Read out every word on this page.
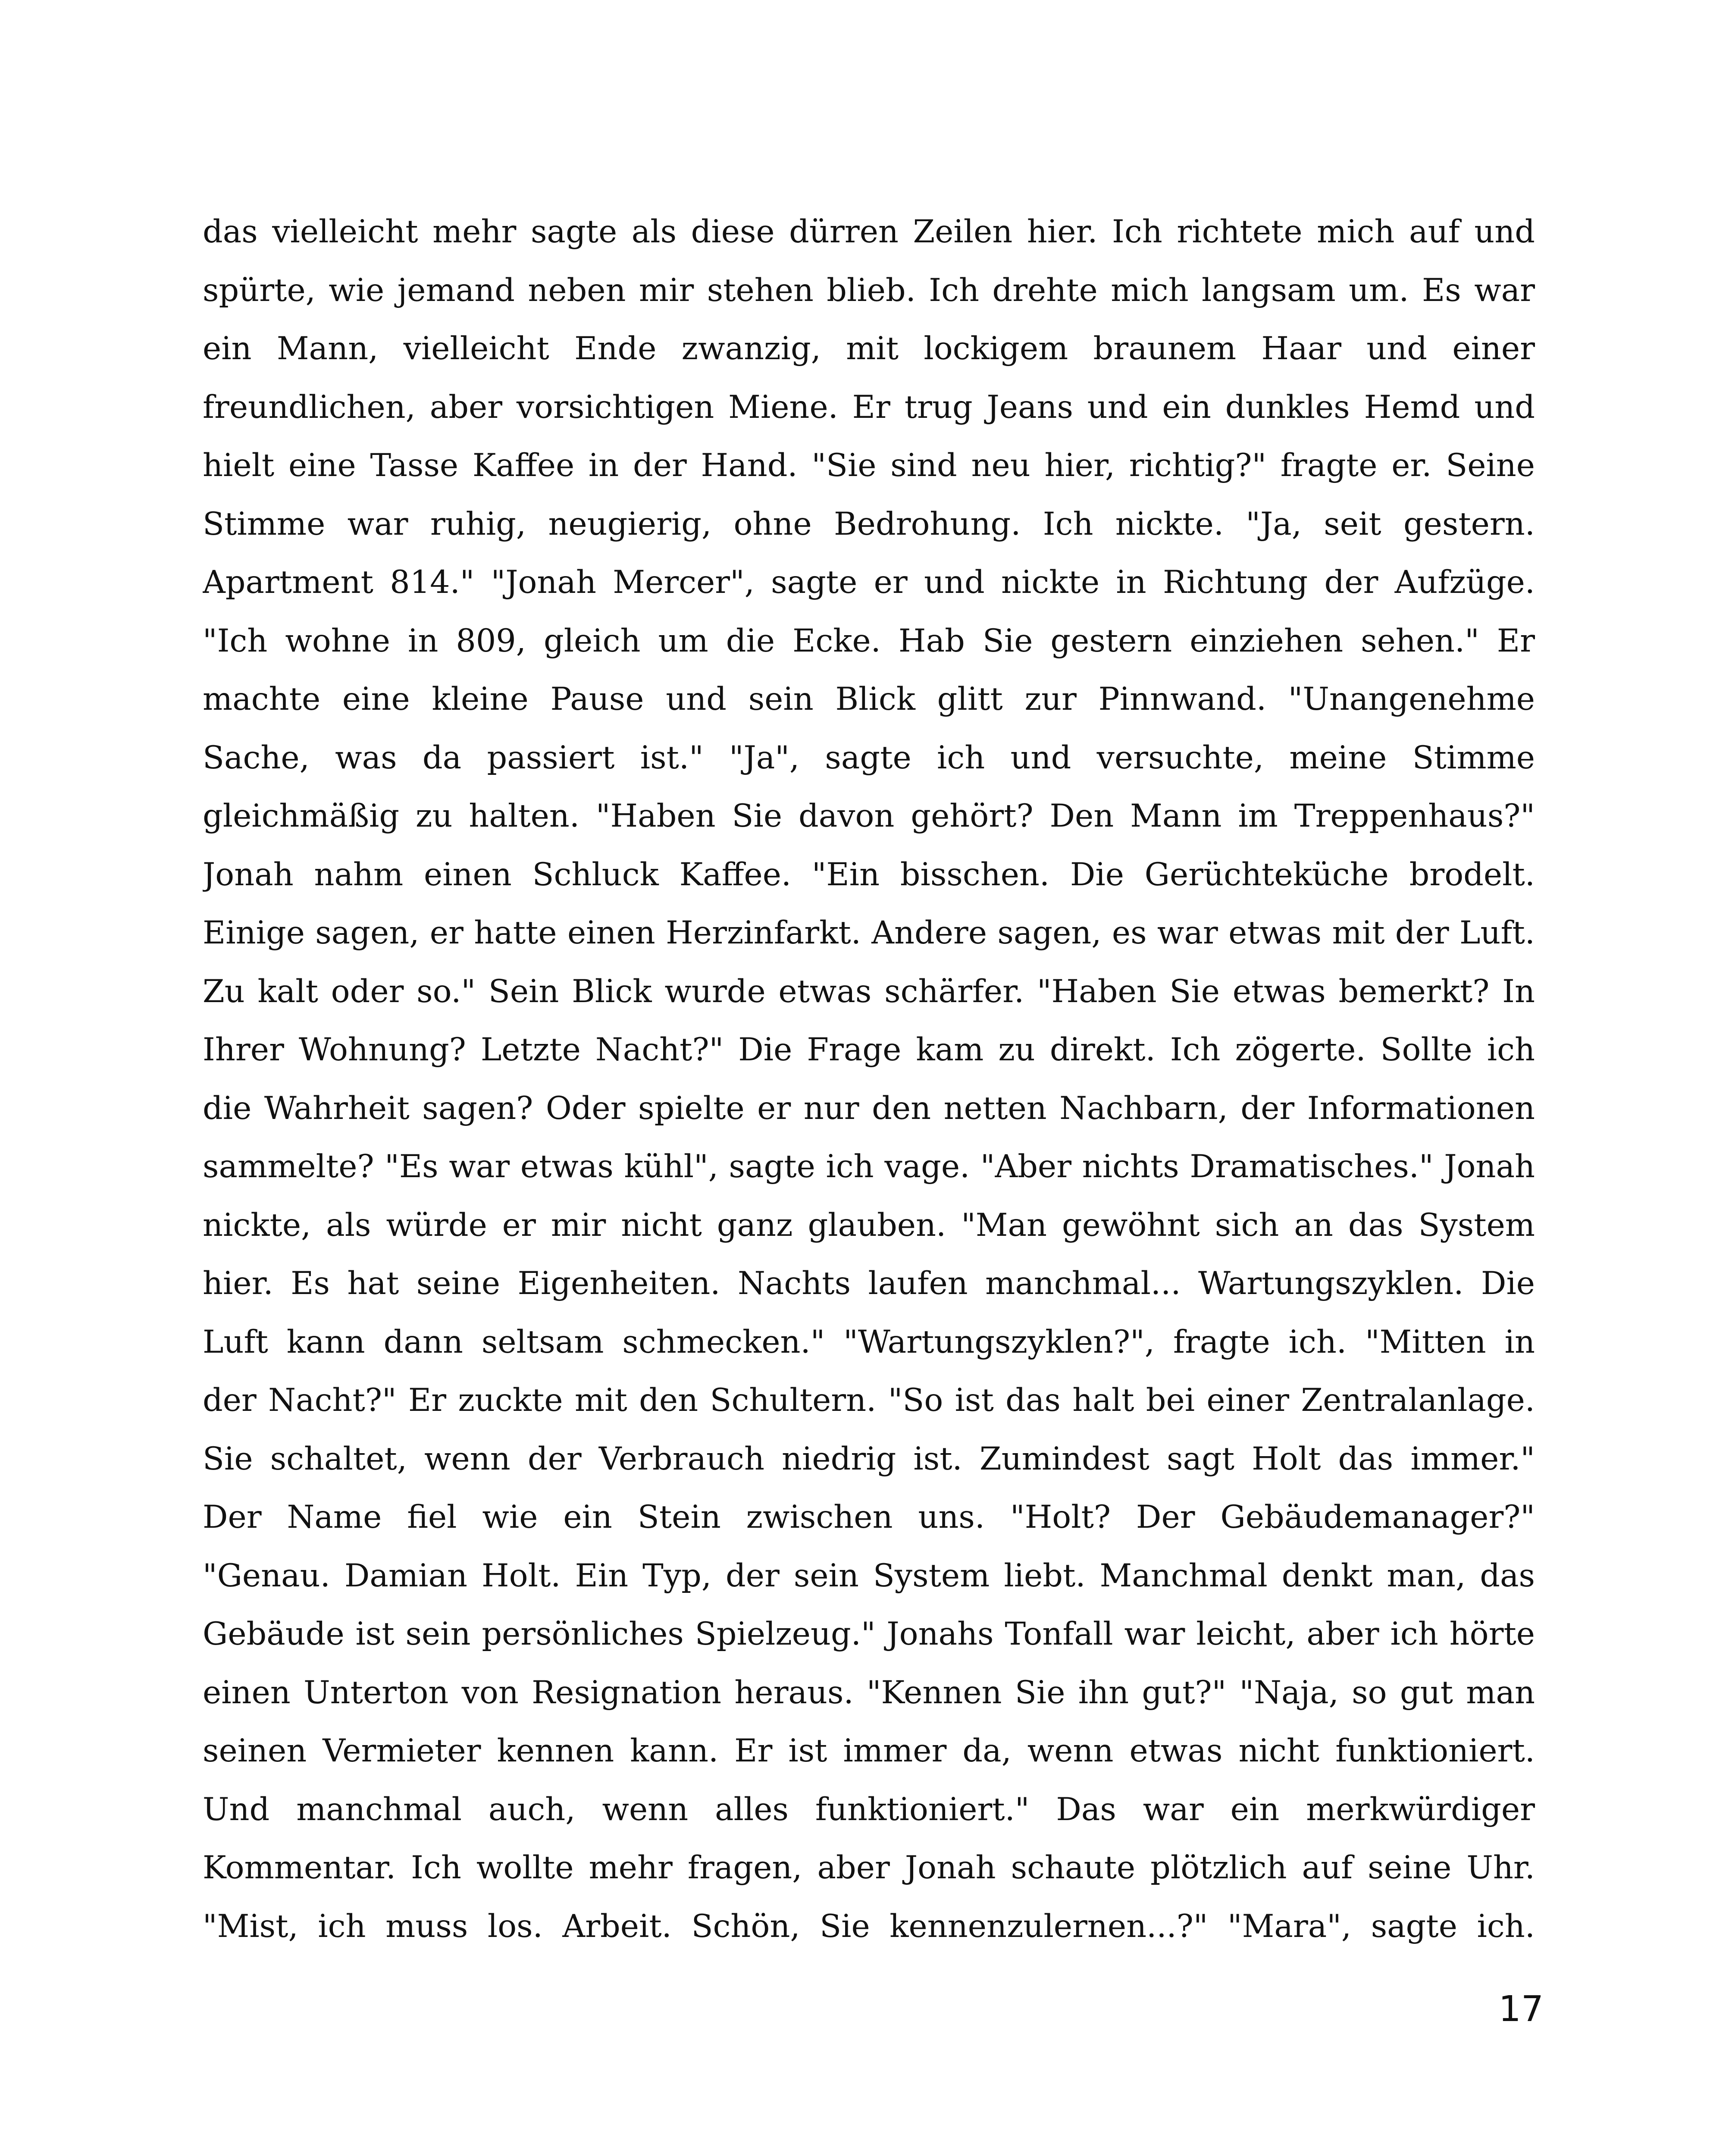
das vielleicht mehr sagte als diese dürren Zeilen hier. Ich richtete mich auf und
spürte, wie jemand neben mir stehen blieb. Ich drehte mich langsam um. Es war
ein Mann, vielleicht Ende zwanzig, mit lockigem braunem Haar und einer
freundlichen, aber vorsichtigen Miene. Er trug Jeans und ein dunkles Hemd und
hielt eine Tasse Kaffee in der Hand. "Sie sind neu hier, richtig?" fragte er. Seine
Stimme war ruhig, neugierig, ohne Bedrohung. Ich nickte. "Ja, seit gestern.
Apartment 814." "Jonah Mercer", sagte er und nickte in Richtung der Aufzüge.
"Ich wohne in 809, gleich um die Ecke. Hab Sie gestern einziehen sehen." Er
machte eine kleine Pause und sein Blick glitt zur Pinnwand. "Unangenehme
Sache, was da passiert ist." "Ja", sagte ich und versuchte, meine Stimme
gleichmäßig zu halten. "Haben Sie davon gehört? Den Mann im Treppenhaus?"
Jonah nahm einen Schluck Kaffee. "Ein bisschen. Die Gerüchteküche brodelt.
Einige sagen, er hatte einen Herzinfarkt. Andere sagen, es war etwas mit der Luft.
Zu kalt oder so." Sein Blick wurde etwas schärfer. "Haben Sie etwas bemerkt? In
Ihrer Wohnung? Letzte Nacht?" Die Frage kam zu direkt. Ich zögerte. Sollte ich
die Wahrheit sagen? Oder spielte er nur den netten Nachbarn, der Informationen
sammelte? "Es war etwas kühl", sagte ich vage. "Aber nichts Dramatisches." Jonah
nickte, als würde er mir nicht ganz glauben. "Man gewöhnt sich an das System
hier. Es hat seine Eigenheiten. Nachts laufen manchmal... Wartungszyklen. Die
Luft kann dann seltsam schmecken." "Wartungszyklen?", fragte ich. "Mitten in
der Nacht?" Er zuckte mit den Schultern. "So ist das halt bei einer Zentralanlage.
Sie schaltet, wenn der Verbrauch niedrig ist. Zumindest sagt Holt das immer."
Der Name fiel wie ein Stein zwischen uns. "Holt? Der Gebäudemanager?"
"Genau. Damian Holt. Ein Typ, der sein System liebt. Manchmal denkt man, das
Gebäude ist sein persönliches Spielzeug." Jonahs Tonfall war leicht, aber ich hörte
einen Unterton von Resignation heraus. "Kennen Sie ihn gut?" "Naja, so gut man
seinen Vermieter kennen kann. Er ist immer da, wenn etwas nicht funktioniert.
Und manchmal auch, wenn alles funktioniert." Das war ein merkwürdiger
Kommentar. Ich wollte mehr fragen, aber Jonah schaute plötzlich auf seine Uhr.
"Mist, ich muss los. Arbeit. Schön, Sie kennenzulernen...?" "Mara", sagte ich.
17
